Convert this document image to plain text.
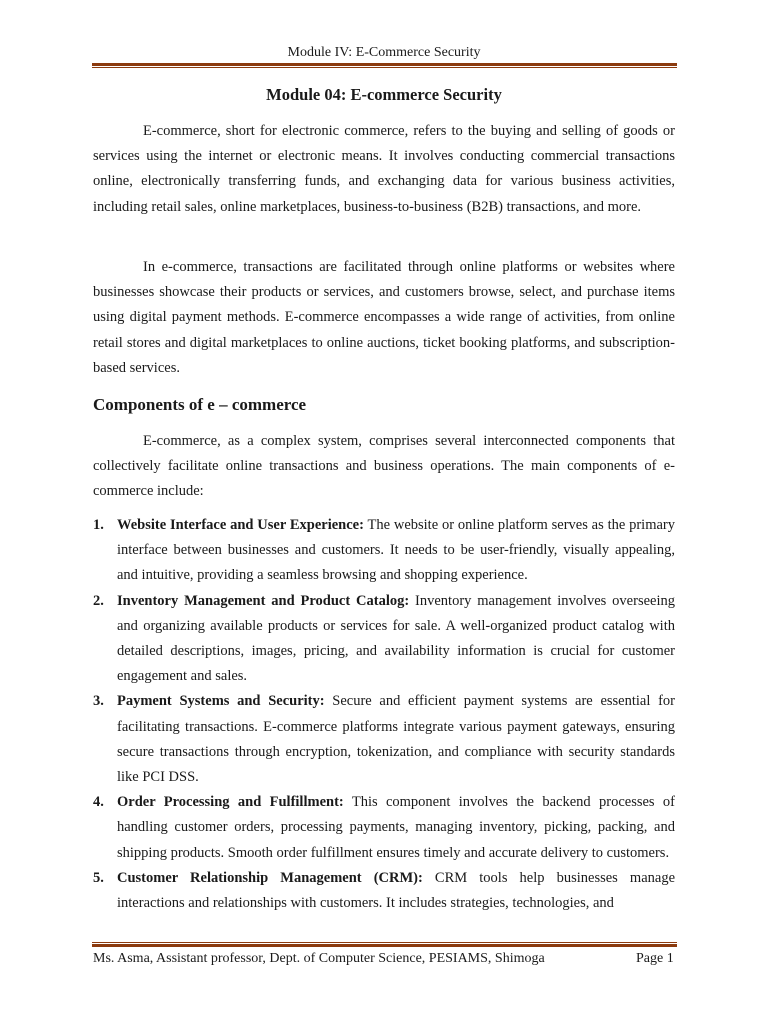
Module IV: E-Commerce Security
Module 04: E-commerce Security

E-commerce, short for electronic commerce, refers to the buying and selling of goods or services using the internet or electronic means. It involves conducting commercial transactions online, electronically transferring funds, and exchanging data for various business activities, including retail sales, online marketplaces, business-to-business (B2B) transactions, and more.

In e-commerce, transactions are facilitated through online platforms or websites where businesses showcase their products or services, and customers browse, select, and purchase items using digital payment methods. E-commerce encompasses a wide range of activities, from online retail stores and digital marketplaces to online auctions, ticket booking platforms, and subscription-based services.

Components of e – commerce

E-commerce, as a complex system, comprises several interconnected components that collectively facilitate online transactions and business operations. The main components of e-commerce include:

1. Website Interface and User Experience: The website or online platform serves as the primary interface between businesses and customers. It needs to be user-friendly, visually appealing, and intuitive, providing a seamless browsing and shopping experience.
2. Inventory Management and Product Catalog: Inventory management involves overseeing and organizing available products or services for sale. A well-organized product catalog with detailed descriptions, images, pricing, and availability information is crucial for customer engagement and sales.
3. Payment Systems and Security: Secure and efficient payment systems are essential for facilitating transactions. E-commerce platforms integrate various payment gateways, ensuring secure transactions through encryption, tokenization, and compliance with security standards like PCI DSS.
4. Order Processing and Fulfillment: This component involves the backend processes of handling customer orders, processing payments, managing inventory, picking, packing, and shipping products. Smooth order fulfillment ensures timely and accurate delivery to customers.
5. Customer Relationship Management (CRM): CRM tools help businesses manage interactions and relationships with customers. It includes strategies, technologies, and
Ms. Asma, Assistant professor, Dept. of Computer Science, PESIAMS, Shimoga	Page 1
